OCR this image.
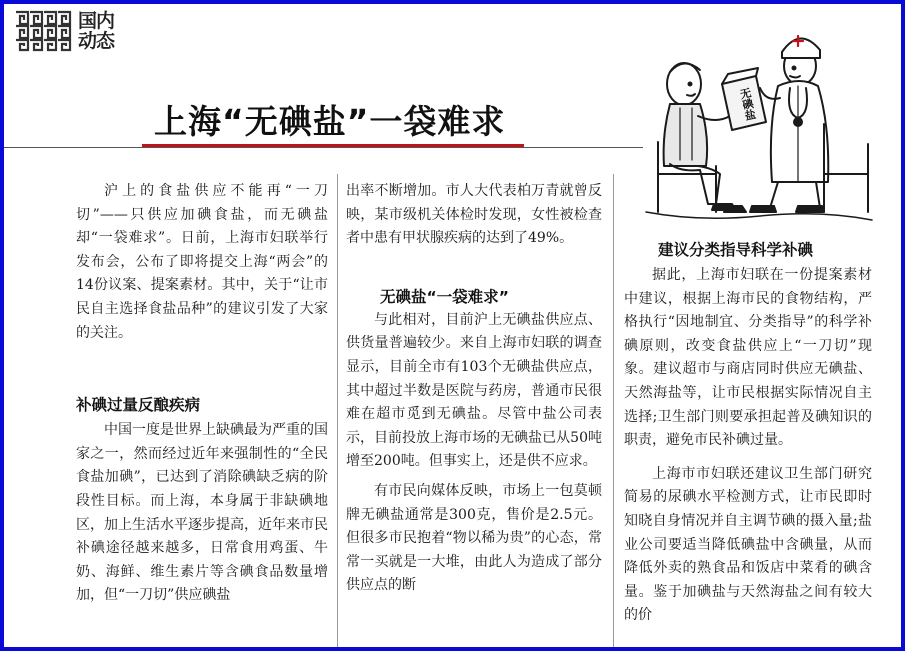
国内
动态
上海“无碘盐”一袋难求	无碘盐

沪上的食盐供应不能再“一刀切”——只供应加碘食盐，而无碘盐却“一袋难求”。日前，上海市妇联举行发布会，公布了即将提交上海“两会”的14份议案、提案素材。其中，关于“让市民自主选择食盐品种”的建议引发了大家的关注。

补碘过量反酿疾病

中国一度是世界上缺碘最为严重的国家之一，然而经过近年来强制性的“全民食盐加碘”，已达到了消除碘缺乏病的阶段性目标。而上海，本身属于非缺碘地区，加上生活水平逐步提高，近年来市民补碘途径越来越多，日常食用鸡蛋、牛奶、海鲜、维生素片等含碘食品数量增加，但“一刀切”供应碘盐

出率不断增加。市人大代表柏万青就曾反映，某市级机关体检时发现，女性被检查者中患有甲状腺疾病的达到了49%。

无碘盐“一袋难求”

与此相对，目前沪上无碘盐供应点、供货量普遍较少。来自上海市妇联的调查显示，目前全市有103个无碘盐供应点，其中超过半数是医院与药房，普通市民很难在超市觅到无碘盐。尽管中盐公司表示，目前投放上海市场的无碘盐已从50吨增至200吨。但事实上，还是供不应求。

有市民向媒体反映，市场上一包莫顿牌无碘盐通常是300克，售价是2.5元。但很多市民抱着“物以稀为贵”的心态，常常一买就是一大堆，由此人为造成了部分供应点的断

建议分类指导科学补碘

据此，上海市妇联在一份提案素材中建议，根据上海市民的食物结构，严格执行“因地制宜、分类指导”的科学补碘原则，改变食盐供应上“一刀切”现象。建议超市与商店同时供应无碘盐、天然海盐等，让市民根据实际情况自主选择;卫生部门则要承担起普及碘知识的职责，避免市民补碘过量。

上海市市妇联还建议卫生部门研究简易的尿碘水平检测方式，让市民即时知晓自身情况并自主调节碘的摄入量;盐业公司要适当降低碘盐中含碘量，从而降低外卖的熟食品和饭店中菜肴的碘含量。鉴于加碘盐与天然海盐之间有较大的价
